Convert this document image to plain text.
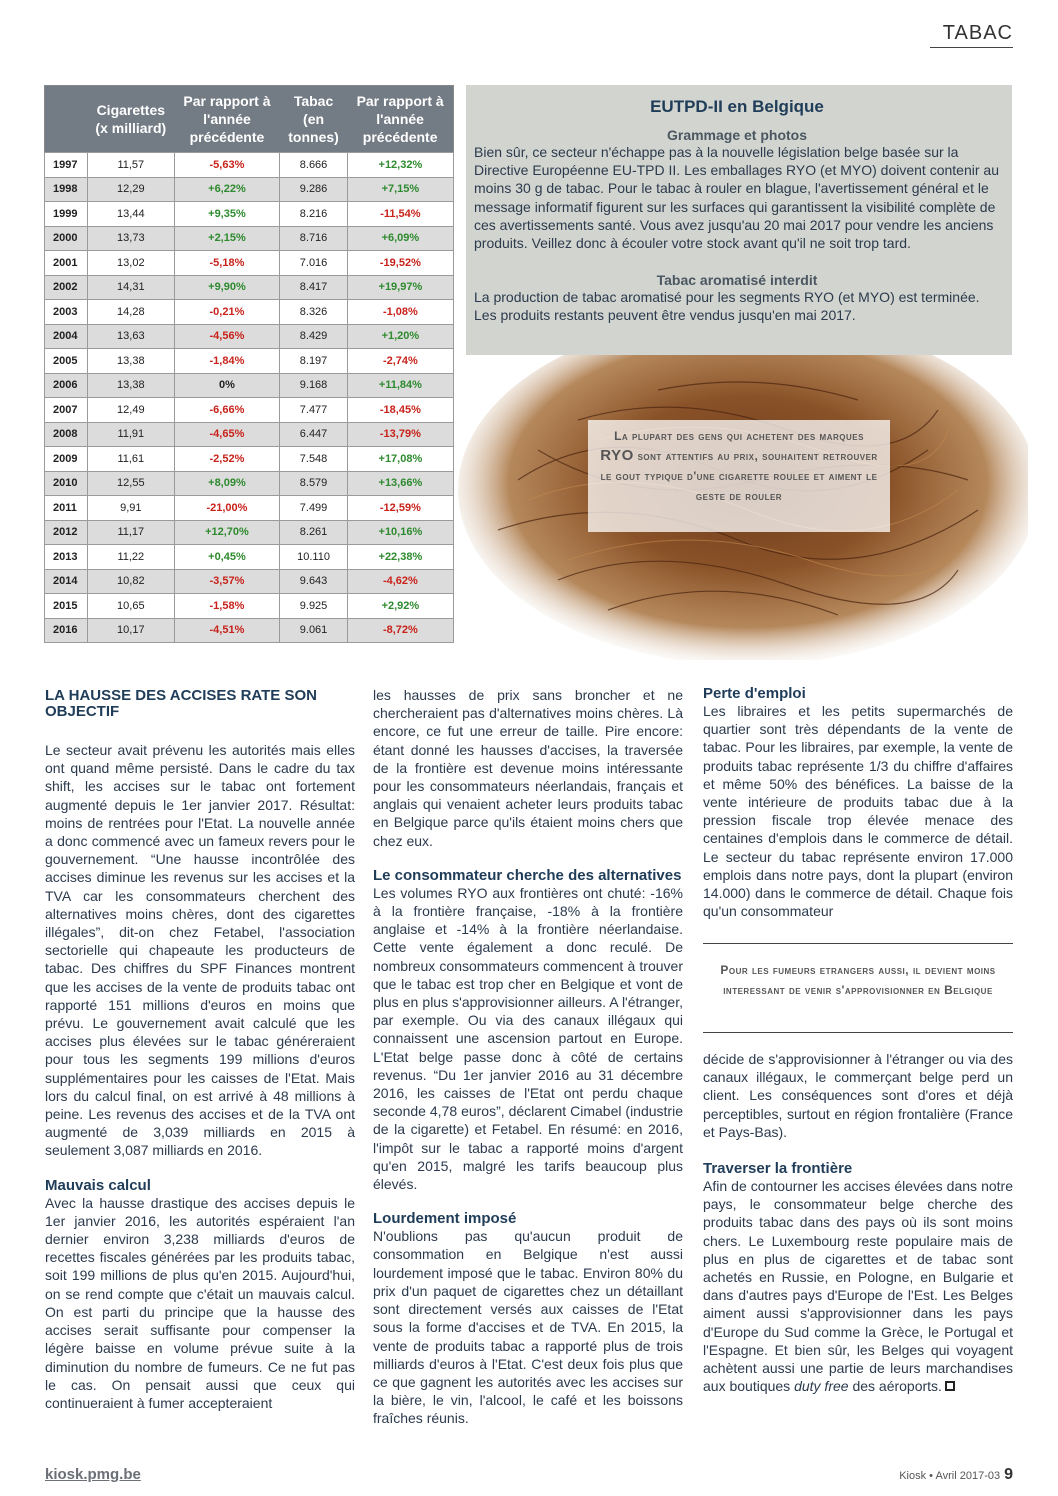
TABAC
	Cigarettes (x milliard)	Par rapport à l'année précédente	Tabac (en tonnes)	Par rapport à l'année précédente
1997	11,57	-5,63%	8.666	+12,32%
1998	12,29	+6,22%	9.286	+7,15%
1999	13,44	+9,35%	8.216	-11,54%
2000	13,73	+2,15%	8.716	+6,09%
2001	13,02	-5,18%	7.016	-19,52%
2002	14,31	+9,90%	8.417	+19,97%
2003	14,28	-0,21%	8.326	-1,08%
2004	13,63	-4,56%	8.429	+1,20%
2005	13,38	-1,84%	8.197	-2,74%
2006	13,38	0%	9.168	+11,84%
2007	12,49	-6,66%	7.477	-18,45%
2008	11,91	-4,65%	6.447	-13,79%
2009	11,61	-2,52%	7.548	+17,08%
2010	12,55	+8,09%	8.579	+13,66%
2011	9,91	-21,00%	7.499	-12,59%
2012	11,17	+12,70%	8.261	+10,16%
2013	11,22	+0,45%	10.110	+22,38%
2014	10,82	-3,57%	9.643	-4,62%
2015	10,65	-1,58%	9.925	+2,92%
2016	10,17	-4,51%	9.061	-8,72%
EUTPD-II en Belgique
Grammage et photos

Bien sûr, ce secteur n'échappe pas à la nouvelle législation belge basée sur la Directive Européenne EU-TPD II. Les emballages RYO (et MYO) doivent contenir au moins 30 g de tabac. Pour le tabac à rouler en blague, l'avertissement général et le message informatif figurent sur les surfaces qui garantissent la visibilité complète de ces avertissements santé. Vous avez jusqu'au 20 mai 2017 pour vendre les anciens produits. Veillez donc à écouler votre stock avant qu'il ne soit trop tard.

Tabac aromatisé interdit

La production de tabac aromatisé pour les segments RYO (et MYO) est terminée. Les produits restants peuvent être vendus jusqu'en mai 2017.

La plupart des gens qui achetent des marques RYO sont attentifs au prix, souhaitent retrouver le gout typique d'une cigarette roulee et aiment le geste de rouler
LA HAUSSE DES ACCISES RATE SON OBJECTIF

Le secteur avait prévenu les autorités mais elles ont quand même persisté. Dans le cadre du tax shift, les accises sur le tabac ont fortement augmenté depuis le 1er janvier 2017. Résultat: moins de rentrées pour l'Etat. La nouvelle année a donc commencé avec un fameux revers pour le gouvernement. “Une hausse incontrôlée des accises diminue les revenus sur les accises et la TVA car les consommateurs cherchent des alternatives moins chères, dont des cigarettes illégales”, dit-on chez Fetabel, l'association sectorielle qui chapeaute les producteurs de tabac. Des chiffres du SPF Finances montrent que les accises de la vente de produits tabac ont rapporté 151 millions d'euros en moins que prévu. Le gouvernement avait calculé que les accises plus élevées sur le tabac généreraient pour tous les segments 199 millions d'euros supplémentaires pour les caisses de l'Etat. Mais lors du calcul final, on est arrivé à 48 millions à peine. Les revenus des accises et de la TVA ont augmenté de 3,039 milliards en 2015 à seulement 3,087 milliards en 2016.

Mauvais calcul

Avec la hausse drastique des accises depuis le 1er janvier 2016, les autorités espéraient l'an dernier environ 3,238 milliards d'euros de recettes fiscales générées par les produits tabac, soit 199 millions de plus qu'en 2015. Aujourd'hui, on se rend compte que c'était un mauvais calcul. On est parti du principe que la hausse des accises serait suffisante pour compenser la légère baisse en volume prévue suite à la diminution du nombre de fumeurs. Ce ne fut pas le cas. On pensait aussi que ceux qui continueraient à fumer accepteraient

les hausses de prix sans broncher et ne chercheraient pas d'alternatives moins chères. Là encore, ce fut une erreur de taille. Pire encore: étant donné les hausses d'accises, la traversée de la frontière est devenue moins intéressante pour les consommateurs néerlandais, français et anglais qui venaient acheter leurs produits tabac en Belgique parce qu'ils étaient moins chers que chez eux.

Le consommateur cherche des alternatives

Les volumes RYO aux frontières ont chuté: -16% à la frontière française, -18% à la frontière anglaise et -14% à la frontière néerlandaise. Cette vente également a donc reculé. De nombreux consommateurs commencent à trouver que le tabac est trop cher en Belgique et vont de plus en plus s'approvisionner ailleurs. A l'étranger, par exemple. Ou via des canaux illégaux qui connaissent une ascension partout en Europe. L'Etat belge passe donc à côté de certains revenus. “Du 1er janvier 2016 au 31 décembre 2016, les caisses de l'Etat ont perdu chaque seconde 4,78 euros”, déclarent Cimabel (industrie de la cigarette) et Fetabel. En résumé: en 2016, l'impôt sur le tabac a rapporté moins d'argent qu'en 2015, malgré les tarifs beaucoup plus élevés.

Lourdement imposé

N'oublions pas qu'aucun produit de consommation en Belgique n'est aussi lourdement imposé que le tabac. Environ 80% du prix d'un paquet de cigarettes chez un détaillant sont directement versés aux caisses de l'Etat sous la forme d'accises et de TVA. En 2015, la vente de produits tabac a rapporté plus de trois milliards d'euros à l'Etat. C'est deux fois plus que ce que gagnent les autorités avec les accises sur la bière, le vin, l'alcool, le café et les boissons fraîches réunis.

Perte d'emploi

Les libraires et les petits supermarchés de quartier sont très dépendants de la vente de tabac. Pour les libraires, par exemple, la vente de produits tabac représente 1/3 du chiffre d'affaires et même 50% des bénéfices. La baisse de la vente intérieure de produits tabac due à la pression fiscale trop élevée menace des centaines d'emplois dans le commerce de détail. Le secteur du tabac représente environ 17.000 emplois dans notre pays, dont la plupart (environ 14.000) dans le commerce de détail. Chaque fois qu'un consommateur

Pour les fumeurs etrangers aussi, il devient moins interessant de venir s'approvisionner en Belgique

décide de s'approvisionner à l'étranger ou via des canaux illégaux, le commerçant belge perd un client. Les conséquences sont d'ores et déjà perceptibles, surtout en région frontalière (France et Pays-Bas).

Traverser la frontière

Afin de contourner les accises élevées dans notre pays, le consommateur belge cherche des produits tabac dans des pays où ils sont moins chers. Le Luxembourg reste populaire mais de plus en plus de cigarettes et de tabac sont achetés en Russie, en Pologne, en Bulgarie et dans d'autres pays d'Europe de l'Est. Les Belges aiment aussi s'approvisionner dans les pays d'Europe du Sud comme la Grèce, le Portugal et l'Espagne. Et bien sûr, les Belges qui voyagent achètent aussi une partie de leurs marchandises aux boutiques duty free des aéroports.

kiosk.pmg.be	Kiosk • Avril 2017-03 9
